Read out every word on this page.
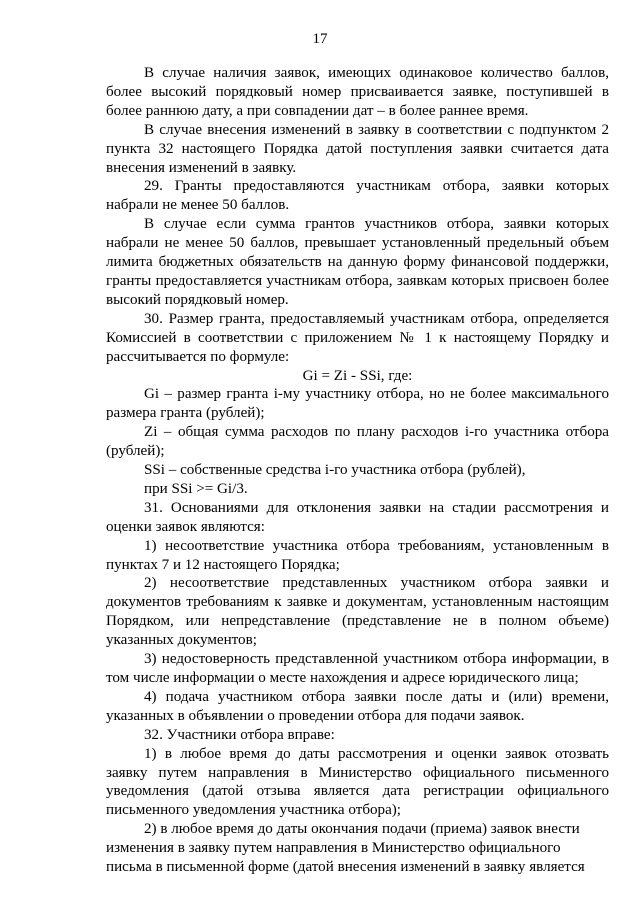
17

В случае наличия заявок, имеющих одинаковое количество баллов, более высокий порядковый номер присваивается заявке, поступившей в более раннюю дату, а при совпадении дат – в более раннее время.

В случае внесения изменений в заявку в соответствии с подпунктом 2 пункта 32 настоящего Порядка датой поступления заявки считается дата внесения изменений в заявку.

29. Гранты предоставляются участникам отбора, заявки которых набрали не менее 50 баллов.

В случае если сумма грантов участников отбора, заявки которых набрали не менее 50 баллов, превышает установленный предельный объем лимита бюджетных обязательств на данную форму финансовой поддержки, гранты предоставляется участникам отбора, заявкам которых присвоен более высокий порядковый номер.

30. Размер гранта, предоставляемый участникам отбора, определяется Комиссией в соответствии с приложением № 1 к настоящему Порядку и рассчитывается по формуле:

Gi = Zi - SSi, где:

Gi – размер гранта i-му участнику отбора, но не более максимального размера гранта (рублей);

Zi – общая сумма расходов по плану расходов i-го участника отбора (рублей);

SSi – собственные средства i-го участника отбора (рублей),

при SSi >= Gi/3.

31. Основаниями для отклонения заявки на стадии рассмотрения и оценки заявок являются:

1) несоответствие участника отбора требованиям, установленным в пунктах 7 и 12 настоящего Порядка;

2) несоответствие представленных участником отбора заявки и документов требованиям к заявке и документам, установленным настоящим Порядком, или непредставление (представление не в полном объеме) указанных документов;

3) недостоверность представленной участником отбора информации, в том числе информации о месте нахождения и адресе юридического лица;

4) подача участником отбора заявки после даты и (или) времени, указанных в объявлении о проведении отбора для подачи заявок.

32. Участники отбора вправе:

1) в любое время до даты рассмотрения и оценки заявок отозвать заявку путем направления в Министерство официального письменного уведомления (датой отзыва является дата регистрации официального письменного уведомления участника отбора);

2) в любое время до даты окончания подачи (приема) заявок внести изменения в заявку путем направления в Министерство официального письма в письменной форме (датой внесения изменений в заявку является
